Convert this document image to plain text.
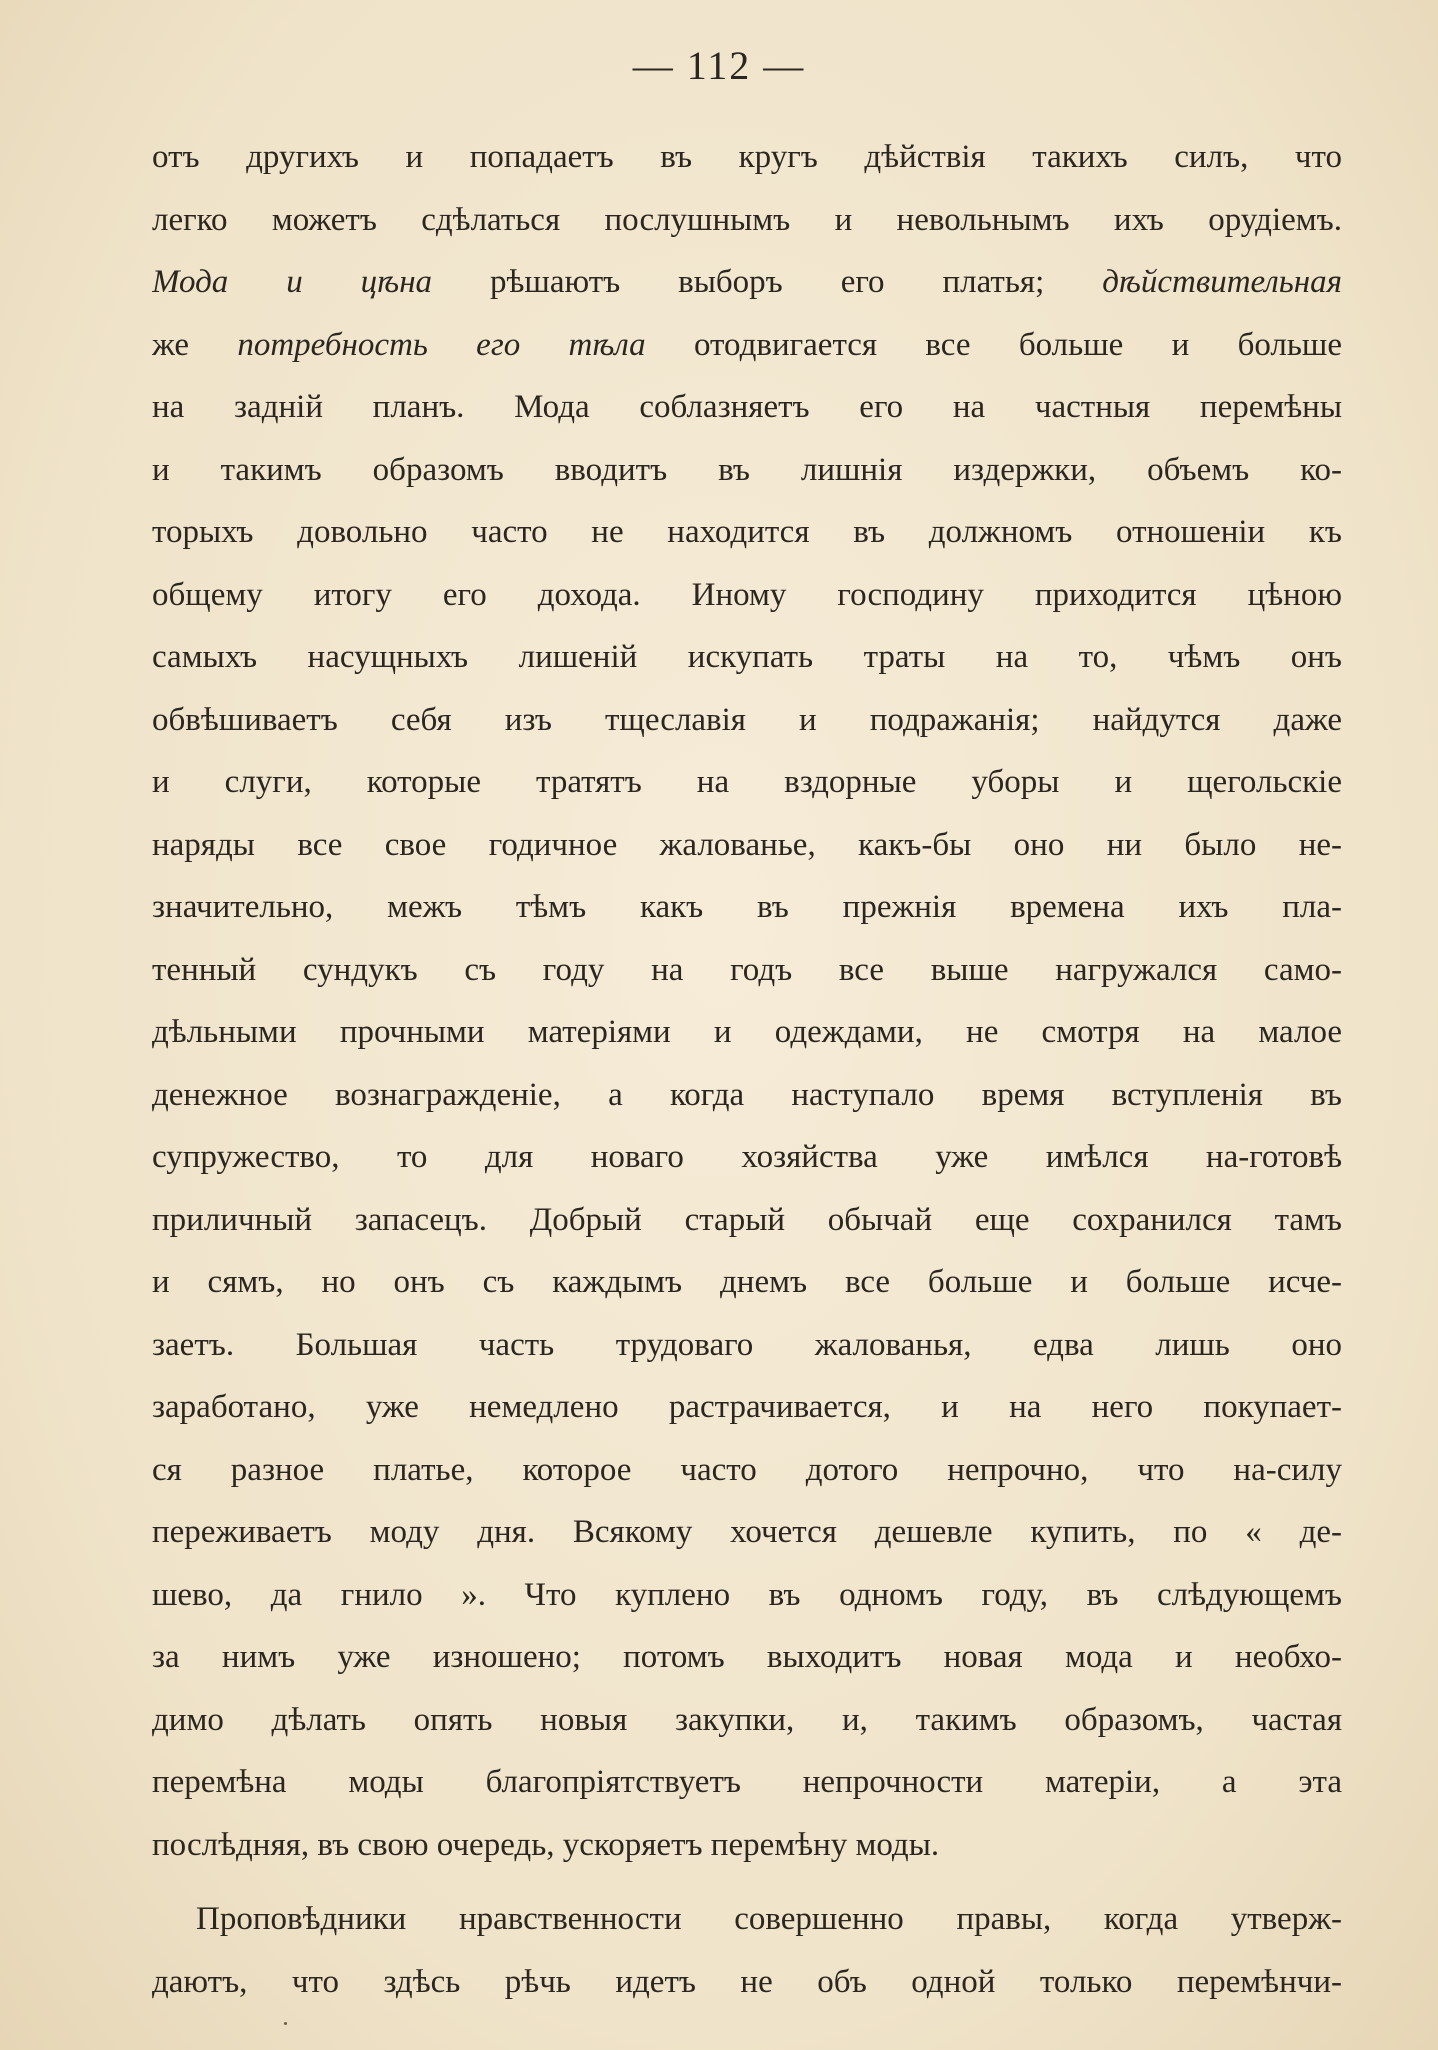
— 112 —
отъ другихъ и попадаетъ въ кругъ дѣйствія такихъ силъ, что
легко можетъ сдѣлаться послушнымъ и невольнымъ ихъ орудіемъ.
Мода и цѣна рѣшаютъ выборъ его платья; дѣйствительная
же потребность его тѣла отодвигается все больше и больше
на задній планъ. Мода соблазняетъ его на частныя перемѣны
и такимъ образомъ вводитъ въ лишнія издержки, объемъ ко-
торыхъ довольно часто не находится въ должномъ отношеніи къ
общему итогу его дохода. Иному господину приходится цѣною
самыхъ насущныхъ лишеній искупать траты на то, чѣмъ онъ
обвѣшиваетъ себя изъ тщеславія и подражанія; найдутся даже
и слуги, которые тратятъ на вздорные уборы и щегольскіе
наряды все свое годичное жалованье, какъ-бы оно ни было не-
значительно, межъ тѣмъ какъ въ прежнія времена ихъ пла-
тенный сундукъ съ году на годъ все выше нагружался само-
дѣльными прочными матеріями и одеждами, не смотря на малое
денежное вознагражденіе, а когда наступало время вступленія въ
супружество, то для новаго хозяйства уже имѣлся на-готовѣ
приличный запасецъ. Добрый старый обычай еще сохранился тамъ
и сямъ, но онъ съ каждымъ днемъ все больше и больше исче-
заетъ. Большая часть трудоваго жалованья, едва лишь оно
заработано, уже немедлено растрачивается, и на него покупает-
ся разное платье, которое часто дотого непрочно, что на-силу
переживаетъ моду дня. Всякому хочется дешевле купить, по « де-
шево, да гнило ». Что куплено въ одномъ году, въ слѣдующемъ
за нимъ уже изношено; потомъ выходитъ новая мода и необхо-
димо дѣлать опять новыя закупки, и, такимъ образомъ, частая
перемѣна моды благопріятствуетъ непрочности матеріи, а эта
послѣдняя, въ свою очередь, ускоряетъ перемѣну моды.
Проповѣдники нравственности совершенно правы, когда утверж-
даютъ, что здѣсь рѣчь идетъ не объ одной только перемѣнчи-
